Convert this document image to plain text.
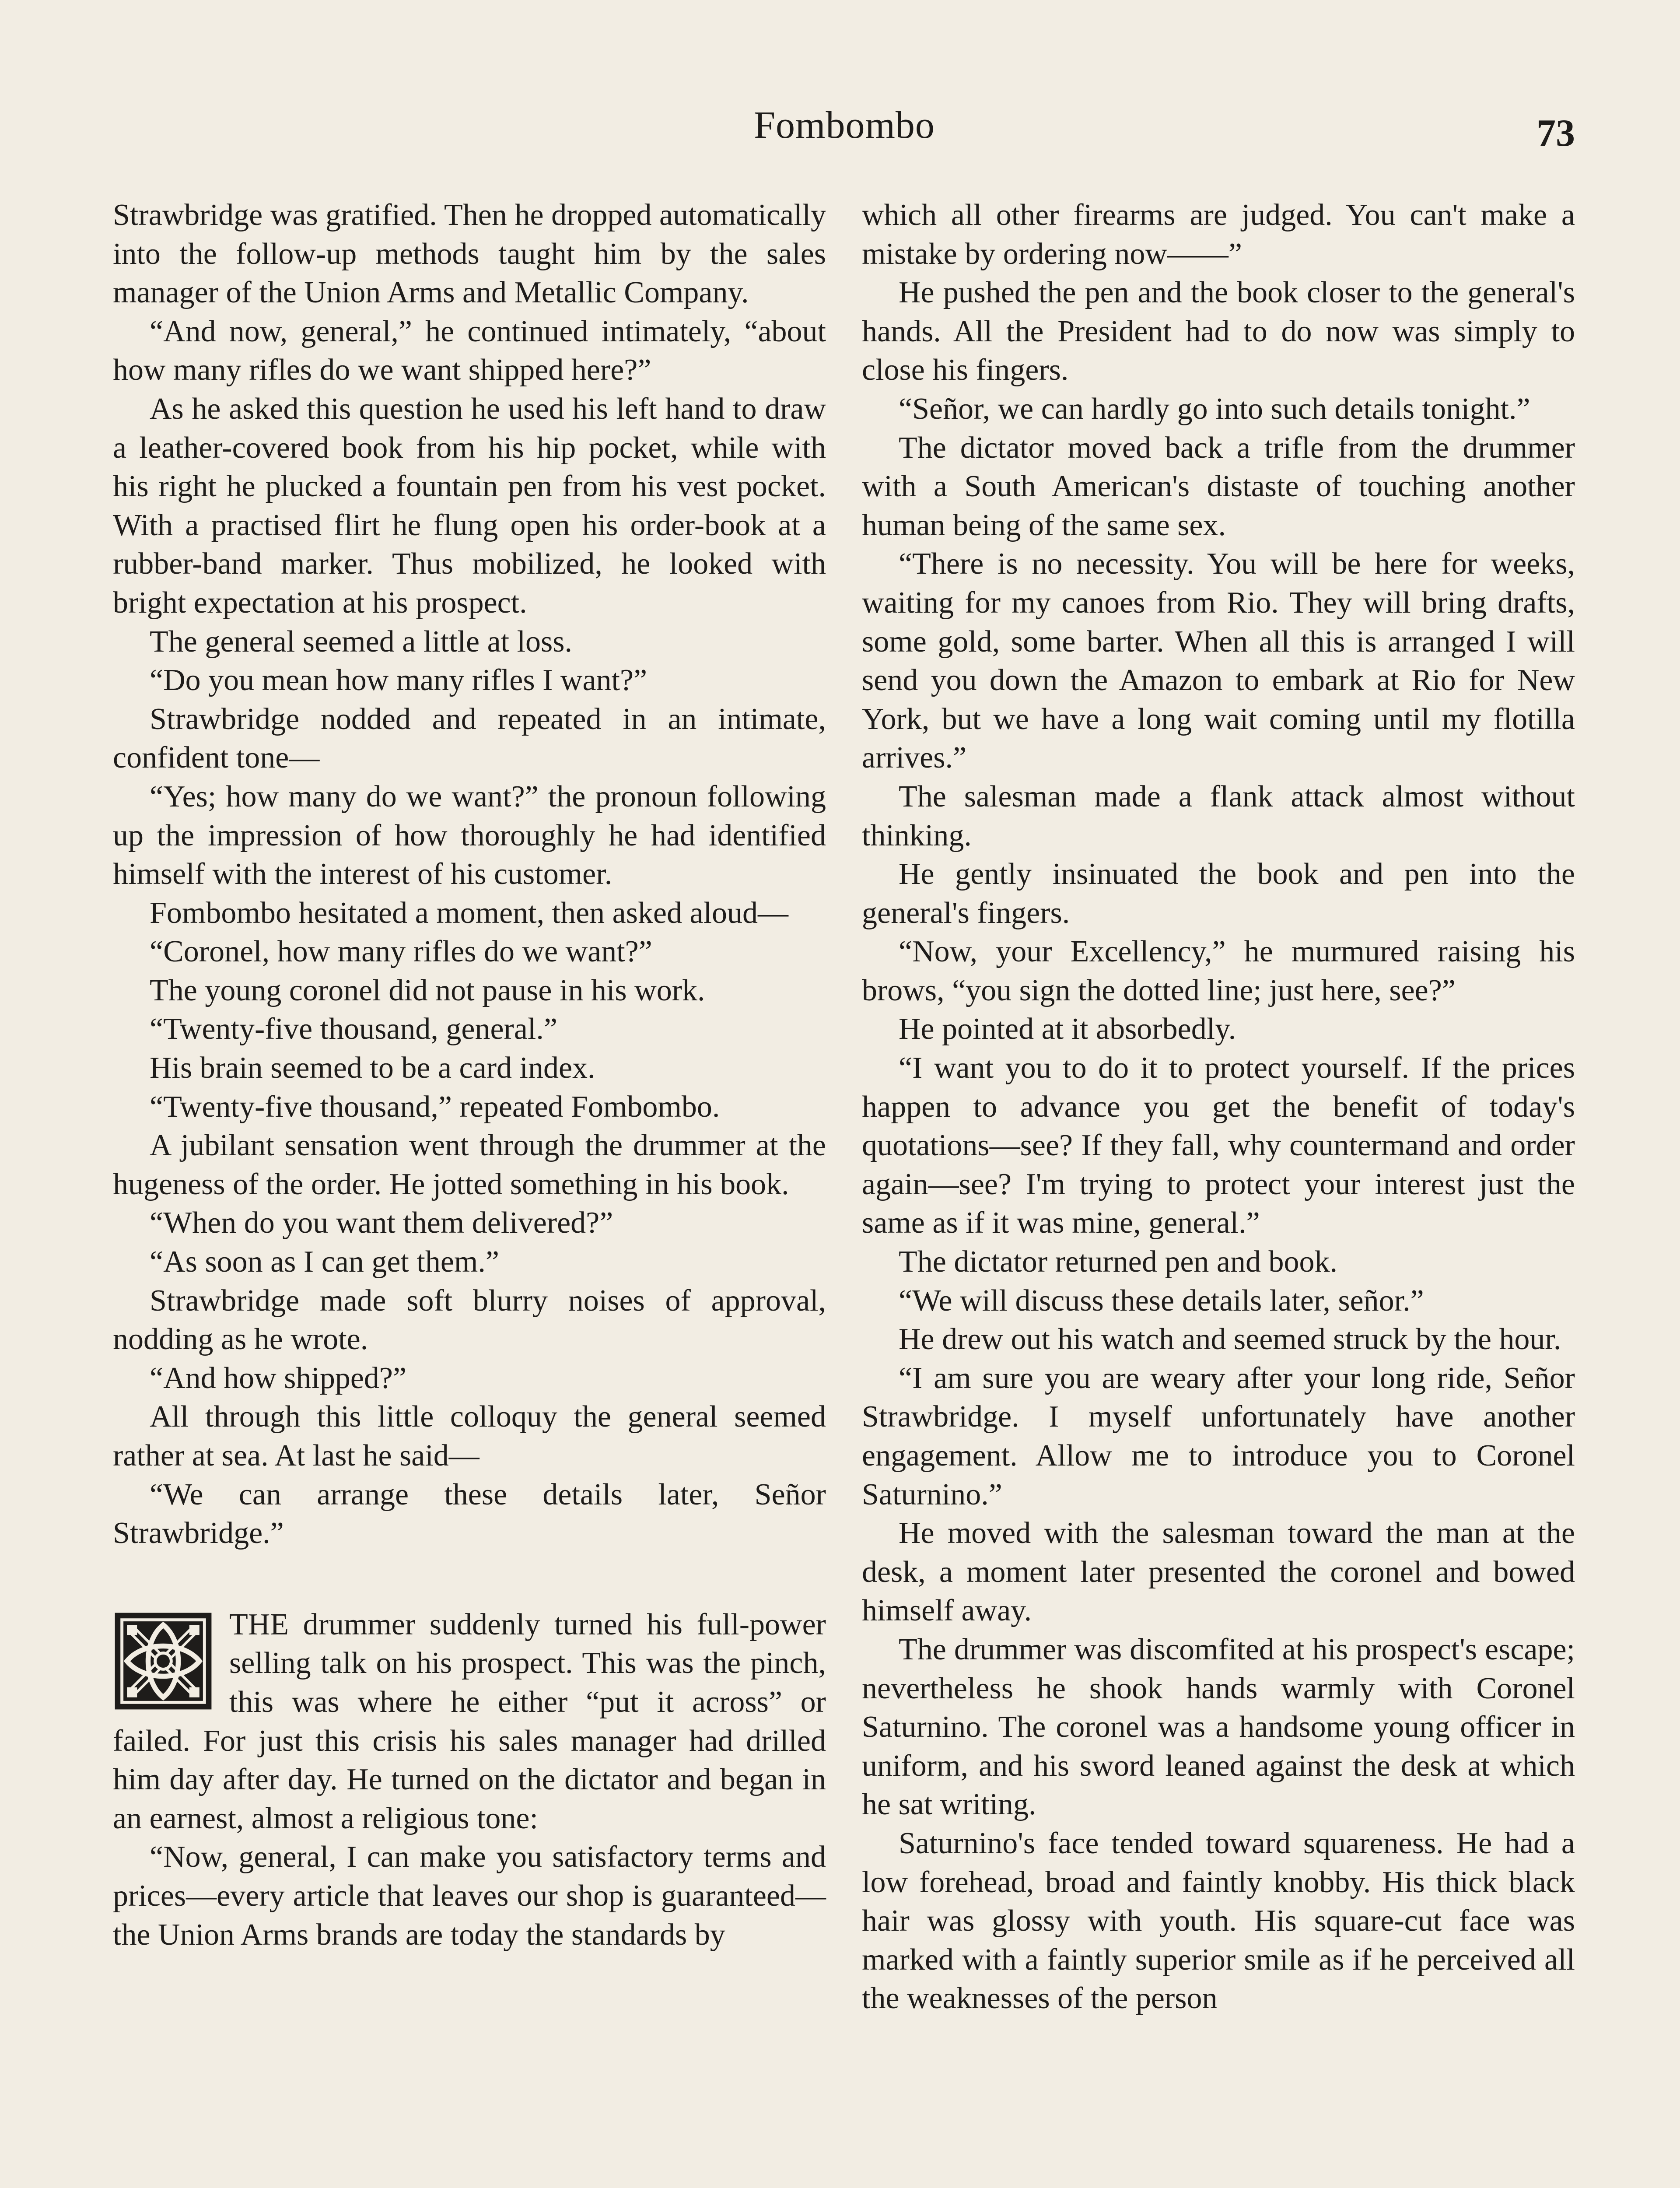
Fombombo	73

Strawbridge was gratified. Then he dropped automatically into the follow-up methods taught him by the sales manager of the Union Arms and Metallic Company.

“And now, general,” he continued intimately, “about how many rifles do we want shipped here?”

As he asked this question he used his left hand to draw a leather-covered book from his hip pocket, while with his right he plucked a fountain pen from his vest pocket. With a practised flirt he flung open his order-book at a rubber-band marker. Thus mobilized, he looked with bright expectation at his prospect.

The general seemed a little at loss.

“Do you mean how many rifles I want?”

Strawbridge nodded and repeated in an intimate, confident tone—

“Yes; how many do we want?” the pronoun following up the impression of how thoroughly he had identified himself with the interest of his customer.

Fombombo hesitated a moment, then asked aloud—

“Coronel, how many rifles do we want?”

The young coronel did not pause in his work.

“Twenty-five thousand, general.”

His brain seemed to be a card index.

“Twenty-five thousand,” repeated Fombombo.

A jubilant sensation went through the drummer at the hugeness of the order. He jotted something in his book.

“When do you want them delivered?”

“As soon as I can get them.”

Strawbridge made soft blurry noises of approval, nodding as he wrote.

“And how shipped?”

All through this little colloquy the general seemed rather at sea. At last he said—

“We can arrange these details later, Señor Strawbridge.”

THE drummer suddenly turned his full-power selling talk on his prospect. This was the pinch, this was where he either “put it across” or failed. For just this crisis his sales manager had drilled him day after day. He turned on the dictator and began in an earnest, almost a religious tone:

“Now, general, I can make you satisfactory terms and prices—every article that leaves our shop is guaranteed—the Union Arms brands are today the standards by

which all other firearms are judged. You can't make a mistake by ordering now——”

He pushed the pen and the book closer to the general's hands. All the President had to do now was simply to close his fingers.

“Señor, we can hardly go into such details tonight.”

The dictator moved back a trifle from the drummer with a South American's distaste of touching another human being of the same sex.

“There is no necessity. You will be here for weeks, waiting for my canoes from Rio. They will bring drafts, some gold, some barter. When all this is arranged I will send you down the Amazon to embark at Rio for New York, but we have a long wait coming until my flotilla arrives.”

The salesman made a flank attack almost without thinking.

He gently insinuated the book and pen into the general's fingers.

“Now, your Excellency,” he murmured raising his brows, “you sign the dotted line; just here, see?”

He pointed at it absorbedly.

“I want you to do it to protect yourself. If the prices happen to advance you get the benefit of today's quotations—see? If they fall, why countermand and order again—see? I'm trying to protect your interest just the same as if it was mine, general.”

The dictator returned pen and book.

“We will discuss these details later, señor.”

He drew out his watch and seemed struck by the hour.

“I am sure you are weary after your long ride, Señor Strawbridge. I myself unfortunately have another engagement. Allow me to introduce you to Coronel Saturnino.”

He moved with the salesman toward the man at the desk, a moment later presented the coronel and bowed himself away.

The drummer was discomfited at his prospect's escape; nevertheless he shook hands warmly with Coronel Saturnino. The coronel was a handsome young officer in uniform, and his sword leaned against the desk at which he sat writing.

Saturnino's face tended toward squareness. He had a low forehead, broad and faintly knobby. His thick black hair was glossy with youth. His square-cut face was marked with a faintly superior smile as if he perceived all the weaknesses of the person
